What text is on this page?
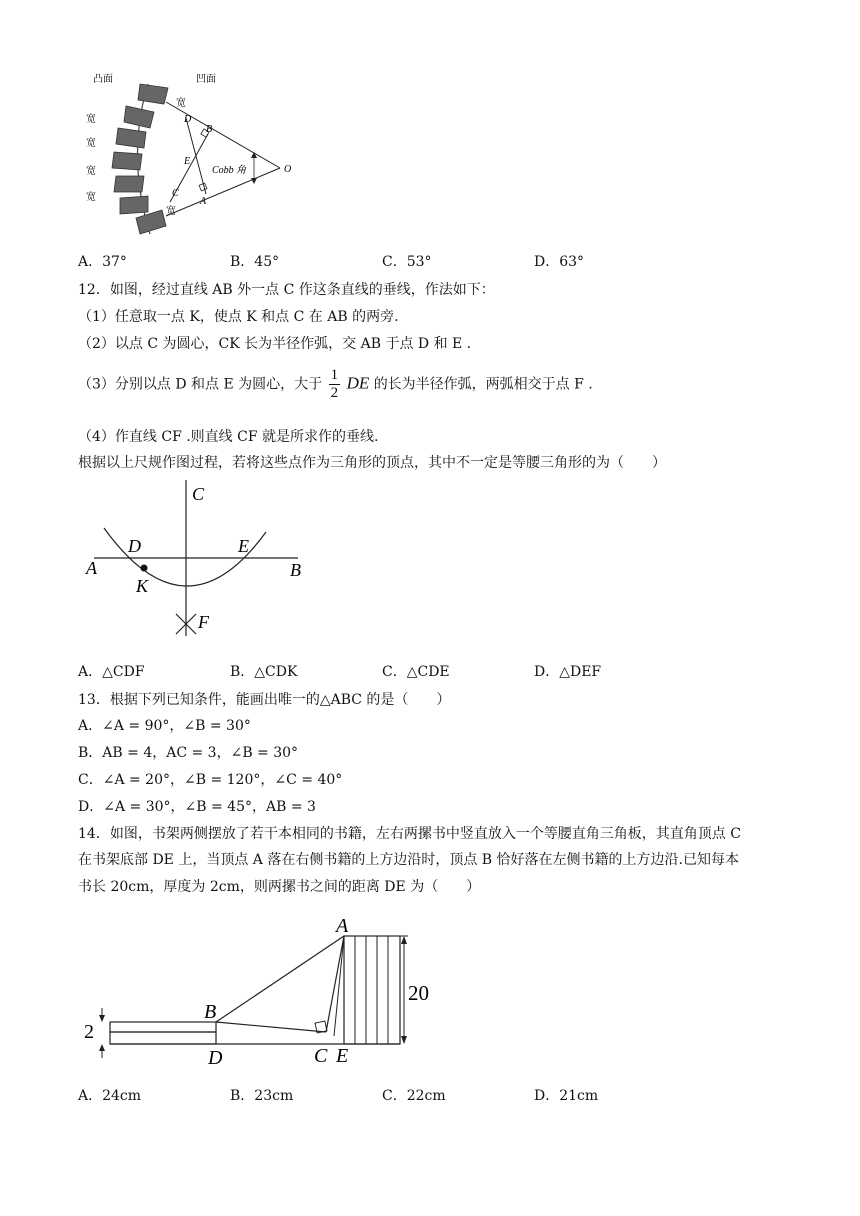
凸面	凹面
宽
宽
宽
宽
宽
宽
D
B
E
C
A
O
Cobb 角
A．37°	B．45°	C．53°	D．63°
12．如图，经过直线 AB 外一点 C 作这条直线的垂线，作法如下：
（1）任意取一点 K，使点 K 和点 C 在 AB 的两旁.
（2）以点 C 为圆心，CK 长为半径作弧，交 AB 于点 D 和 E .
（3）分别以点 D 和点 E 为圆心，大于 $\frac{1}{2}$ DE 的长为半径作弧，两弧相交于点 F .
（4）作直线 CF .则直线 CF 就是所求作的垂线.
根据以上尺规作图过程，若将这些点作为三角形的顶点，其中不一定是等腰三角形的为（　　）
C
D	E
A	B
K
F
A．△CDF	B．△CDK	C．△CDE	D．△DEF
13．根据下列已知条件，能画出唯一的△ABC 的是（　　）
A．∠A = 90°，∠B = 30°
B．AB = 4，AC = 3，∠B = 30°
C．∠A = 20°，∠B = 120°，∠C = 40°
D．∠A = 30°，∠B = 45°，AB = 3
14．如图，书架两侧摆放了若干本相同的书籍，左右两摞书中竖直放入一个等腰直角三角板，其直角顶点 C
在书架底部 DE 上，当顶点 A 落在右侧书籍的上方边沿时，顶点 B 恰好落在左侧书籍的上方边沿.已知每本
书长 20cm，厚度为 2cm，则两摞书之间的距离 DE 为（　　）
A
B
C
D	E
20
2
A．24cm	B．23cm	C．22cm	D．21cm
